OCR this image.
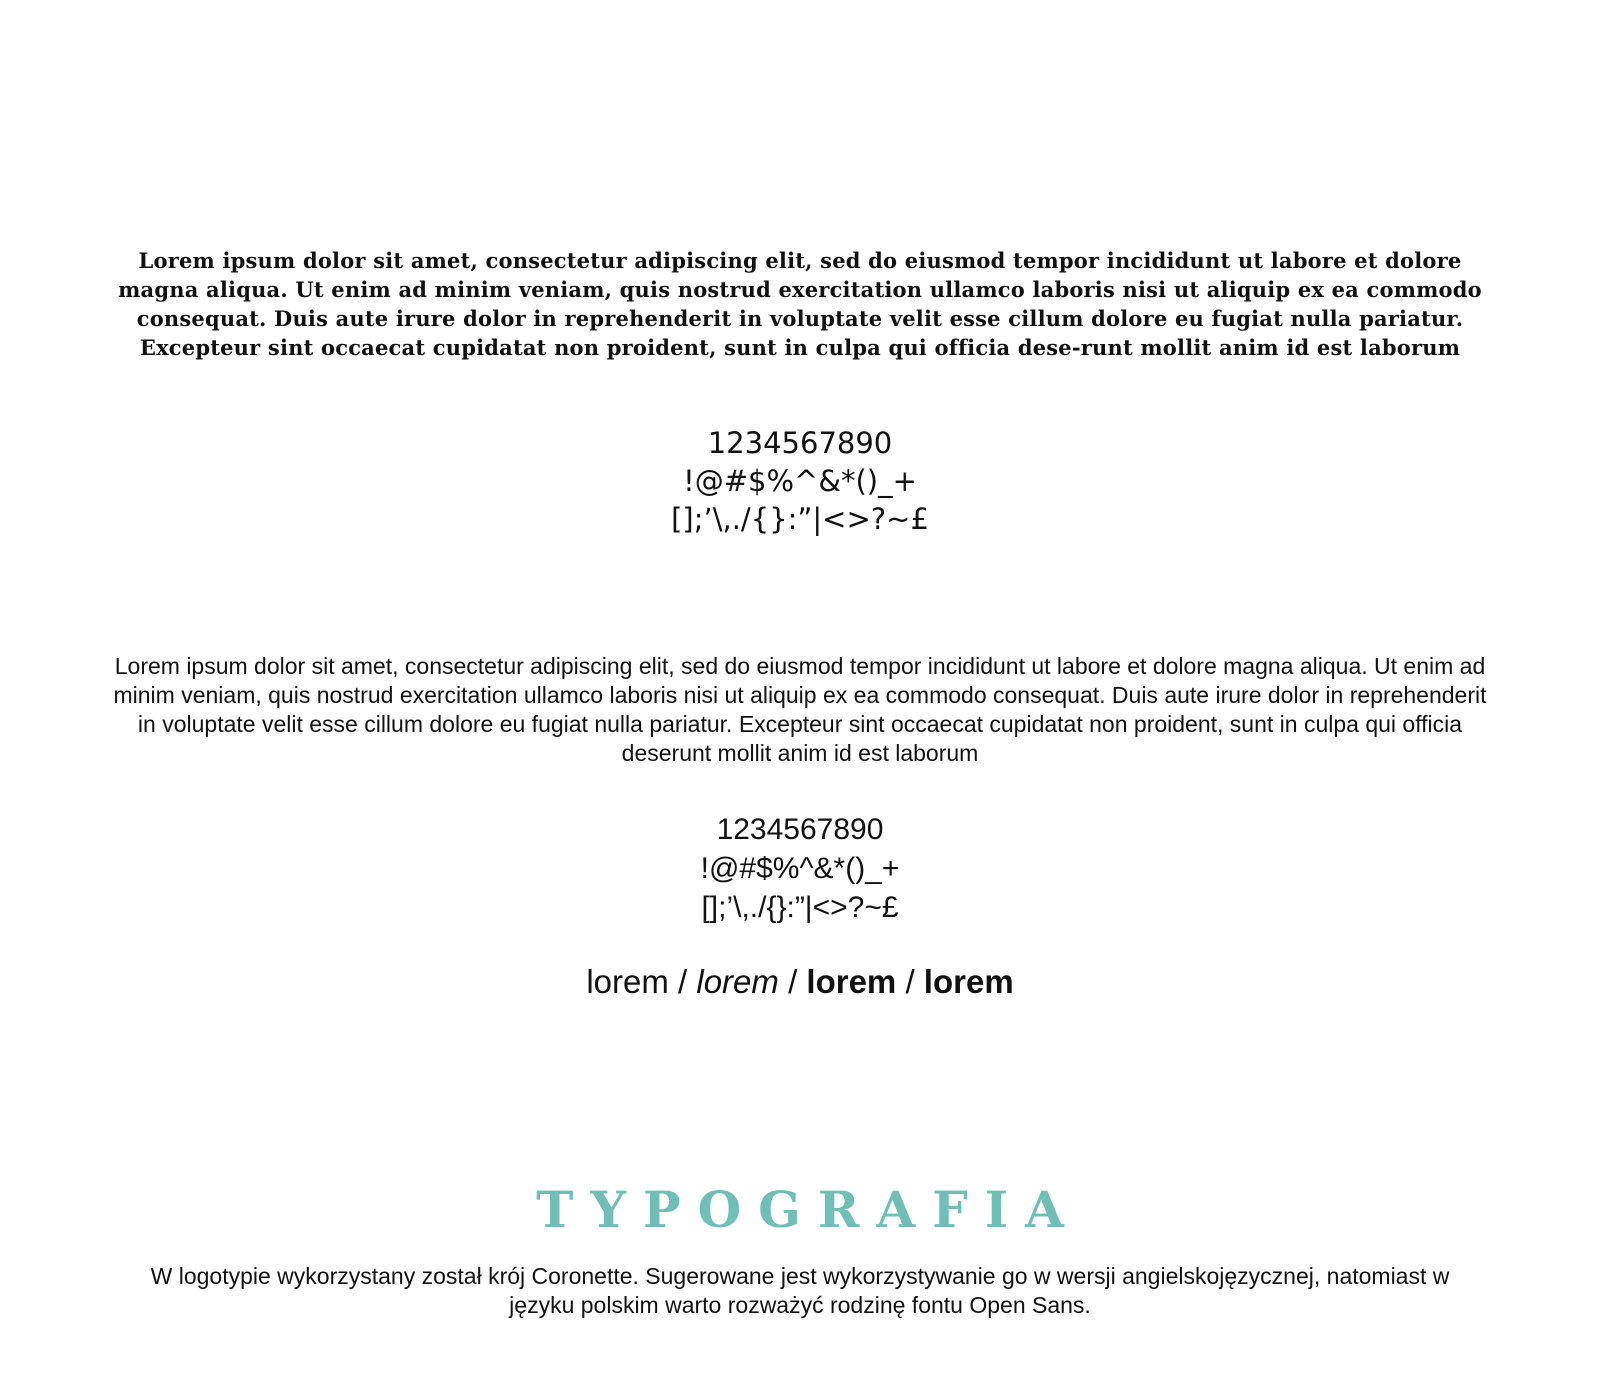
Lorem ipsum dolor sit amet, consectetur adipiscing elit, sed do eiusmod tempor incididunt ut labore et dolore magna aliqua. Ut enim ad minim veniam, quis nostrud exercitation ullamco laboris nisi ut aliquip ex ea commodo consequat. Duis aute irure dolor in reprehenderit in voluptate velit esse cillum dolore eu fugiat nulla pariatur. Excepteur sint occaecat cupidatat non proident, sunt in culpa qui officia dese-runt mollit anim id est laborum
1234567890
!@#$%^&*()_+
[];’\,./{}:”|<>?~£
Lorem ipsum dolor sit amet, consectetur adipiscing elit, sed do eiusmod tempor incididunt ut labore et dolore magna aliqua. Ut enim ad minim veniam, quis nostrud exercitation ullamco laboris nisi ut aliquip ex ea commodo consequat. Duis aute irure dolor in reprehenderit in voluptate velit esse cillum dolore eu fugiat nulla pariatur. Excepteur sint occaecat cupidatat non proident, sunt in culpa qui officia deserunt mollit anim id est laborum
1234567890
!@#$%^&*()_+
[];’\,./{}:”|<>?~£
lorem / lorem / lorem / lorem
TYPOGRAFIA
W logotypie wykorzystany został krój Coronette. Sugerowane jest wykorzystywanie go w wersji angielskojęzycznej, natomiast w języku polskim warto rozważyć rodzinę fontu Open Sans.
